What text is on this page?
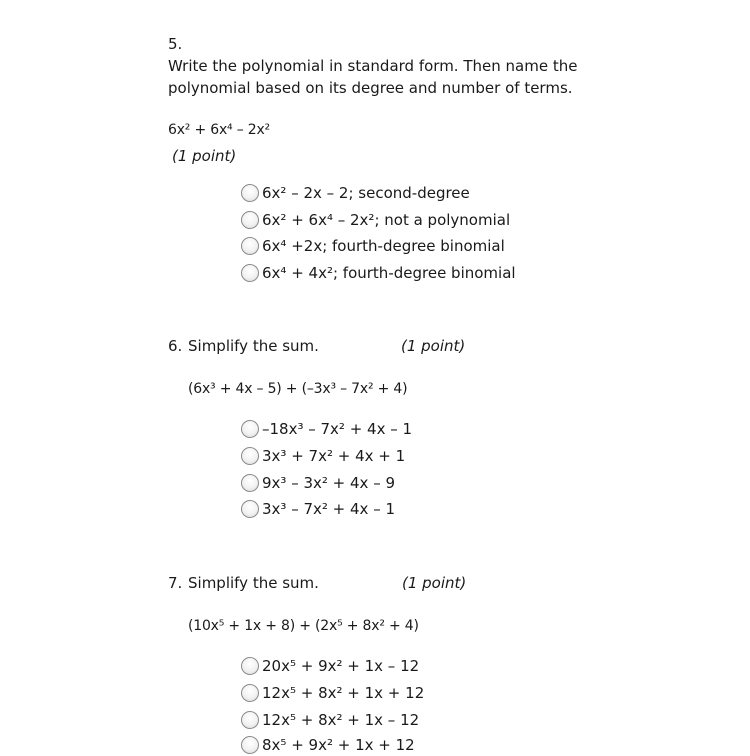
5.
Write the polynomial in standard form. Then name the
polynomial based on its degree and number of terms.
6x² + 6x⁴ – 2x²
(1 point)
6x² – 2x – 2; second-degree
6x² + 6x⁴ – 2x²; not a polynomial
6x⁴ +2x; fourth-degree binomial
6x⁴ + 4x²; fourth-degree binomial
6. Simplify the sum.	(1 point)
(6x³ + 4x – 5) + (–3x³ – 7x² + 4)
–18x³ – 7x² + 4x – 1
3x³ + 7x² + 4x + 1
9x³ – 3x² + 4x – 9
3x³ – 7x² + 4x – 1
7. Simplify the sum.	(1 point)
(10x⁵ + 1x + 8) + (2x⁵ + 8x² + 4)
20x⁵ + 9x² + 1x – 12
12x⁵ + 8x² + 1x + 12
12x⁵ + 8x² + 1x – 12
8x⁵ + 9x² + 1x + 12
